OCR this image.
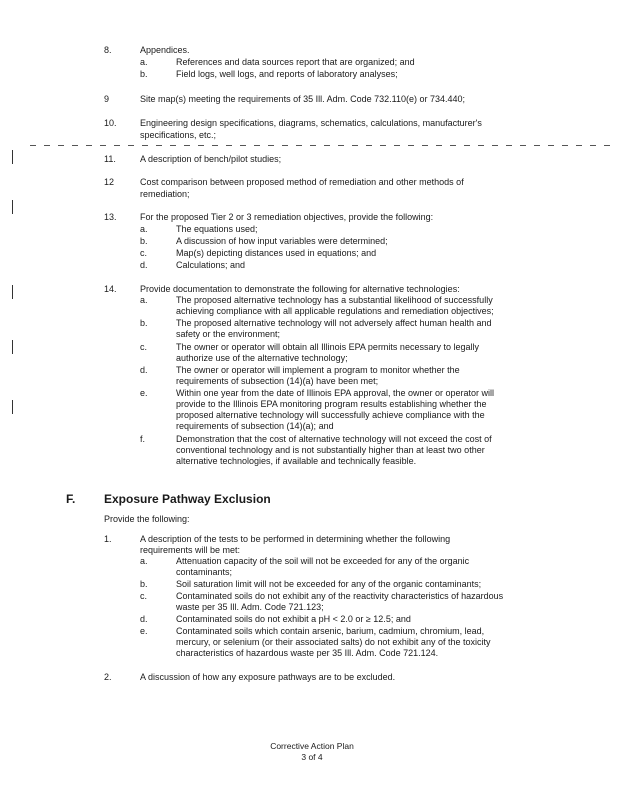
8.	Appendices.
a.	References and data sources report that are organized; and
b.	Field logs, well logs, and reports of laboratory analyses;
9	Site map(s) meeting the requirements of 35 Ill. Adm. Code 732.110(e) or 734.440;
10.	Engineering design specifications, diagrams, schematics, calculations, manufacturer's
specifications, etc.;
11.	A description of bench/pilot studies;
12	Cost comparison between proposed method of remediation and other methods of
remediation;
13.	For the proposed Tier 2 or 3 remediation objectives, provide the following:
a.	The equations used;
b.	A discussion of how input variables were determined;
c.	Map(s) depicting distances used in equations; and
d.	Calculations; and
14.	Provide documentation to demonstrate the following for alternative technologies:
a.	The proposed alternative technology has a substantial likelihood of successfully
achieving compliance with all applicable regulations and remediation objectives;
b.	The proposed alternative technology will not adversely affect human health and
safety or the environment;
c.	The owner or operator will obtain all Illinois EPA permits necessary to legally
authorize use of the alternative technology;
d.	The owner or operator will implement a program to monitor whether the
requirements of subsection (14)(a) have been met;
e.	Within one year from the date of Illinois EPA approval, the owner or operator will
provide to the Illinois EPA monitoring program results establishing whether the
proposed alternative technology will successfully achieve compliance with the
requirements of subsection (14)(a); and
f.	Demonstration that the cost of alternative technology will not exceed the cost of
conventional technology and is not substantially higher than at least two other
alternative technologies, if available and technically feasible.
F. Exposure Pathway Exclusion
Provide the following:
1.	A description of the tests to be performed in determining whether the following
requirements will be met:
a.	Attenuation capacity of the soil will not be exceeded for any of the organic
contaminants;
b.	Soil saturation limit will not be exceeded for any of the organic contaminants;
c.	Contaminated soils do not exhibit any of the reactivity characteristics of hazardous
waste per 35 Ill. Adm. Code 721.123;
d.	Contaminated soils do not exhibit a pH < 2.0 or ≥ 12.5; and
e.	Contaminated soils which contain arsenic, barium, cadmium, chromium, lead,
mercury, or selenium (or their associated salts) do not exhibit any of the toxicity
characteristics of hazardous waste per 35 Ill. Adm. Code 721.124.
2.	A discussion of how any exposure pathways are to be excluded.
Corrective Action Plan
3 of 4
